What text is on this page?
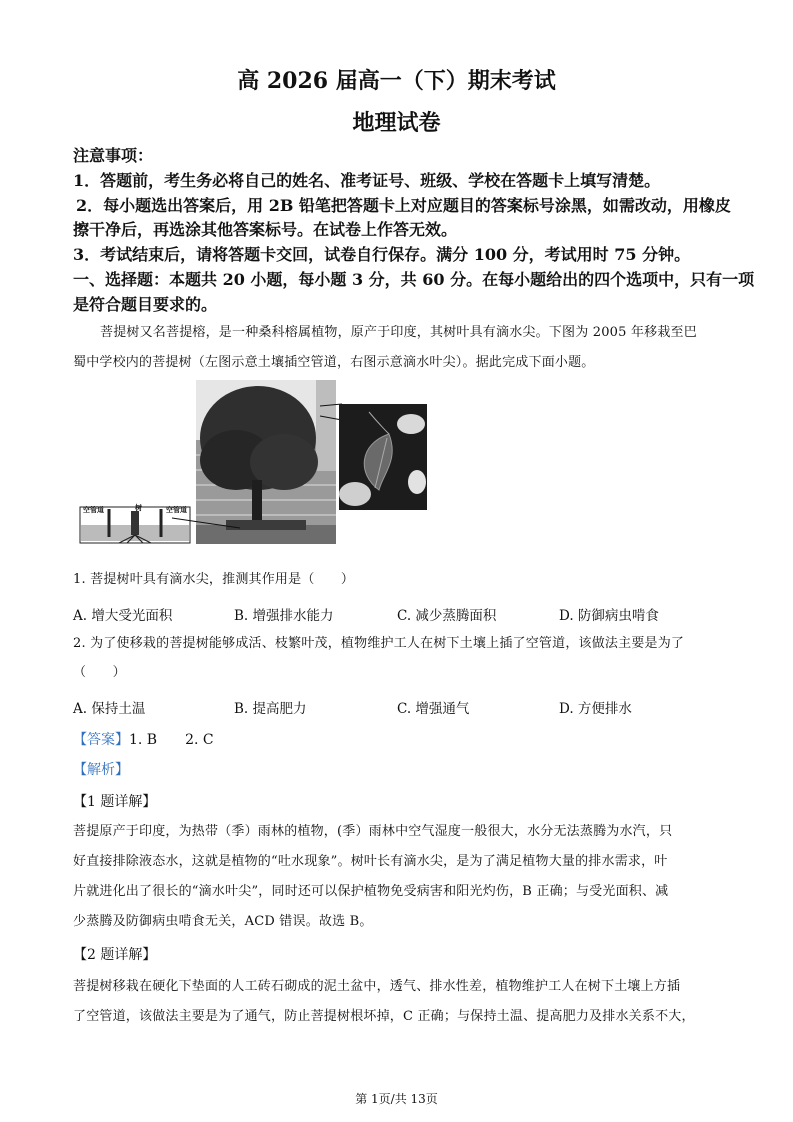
高 2026 届高一（下）期末考试
地理试卷
注意事项：
1．答题前，考生务必将自己的姓名、准考证号、班级、学校在答题卡上填写清楚。
2．每小题选出答案后，用 2B 铅笔把答题卡上对应题目的答案标号涂黑，如需改动，用橡皮
擦干净后，再选涂其他答案标号。在试卷上作答无效。
3．考试结束后，请将答题卡交回，试卷自行保存。满分 100 分，考试用时 75 分钟。
一、选择题：本题共 20 小题，每小题 3 分，共 60 分。在每小题给出的四个选项中，只有一项
是符合题目要求的。
菩提树又名菩提榕，是一种桑科榕属植物，原产于印度，其树叶具有滴水尖。下图为 2005 年移栽至巴
蜀中学校内的菩提树（左图示意土壤插空管道，右图示意滴水叶尖）。据此完成下面小题。
空管道	树	空管道
1. 菩提树叶具有滴水尖，推测其作用是（　　）
A. 增大受光面积	B. 增强排水能力	C. 减少蒸腾面积	D. 防御病虫啃食
2. 为了使移栽的菩提树能够成活、枝繁叶茂，植物维护工人在树下土壤上插了空管道，该做法主要是为了
（　　）
A. 保持土温	B. 提高肥力	C. 增强通气	D. 方便排水
【答案】1. B　　2. C
【解析】
【1 题详解】
菩提原产于印度，为热带（季）雨林的植物，(季）雨林中空气湿度一般很大，水分无法蒸腾为水汽，只
好直接排除液态水，这就是植物的“吐水现象”。树叶长有滴水尖，是为了满足植物大量的排水需求，叶
片就进化出了很长的“滴水叶尖”，同时还可以保护植物免受病害和阳光灼伤，B 正确；与受光面积、减
少蒸腾及防御病虫啃食无关，ACD 错误。故选 B。
【2 题详解】
菩提树移栽在硬化下垫面的人工砖石砌成的泥土盆中，透气、排水性差，植物维护工人在树下土壤上方插
了空管道，该做法主要是为了通气，防止菩提树根坏掉，C 正确；与保持土温、提高肥力及排水关系不大，
第 1页/共 13页
